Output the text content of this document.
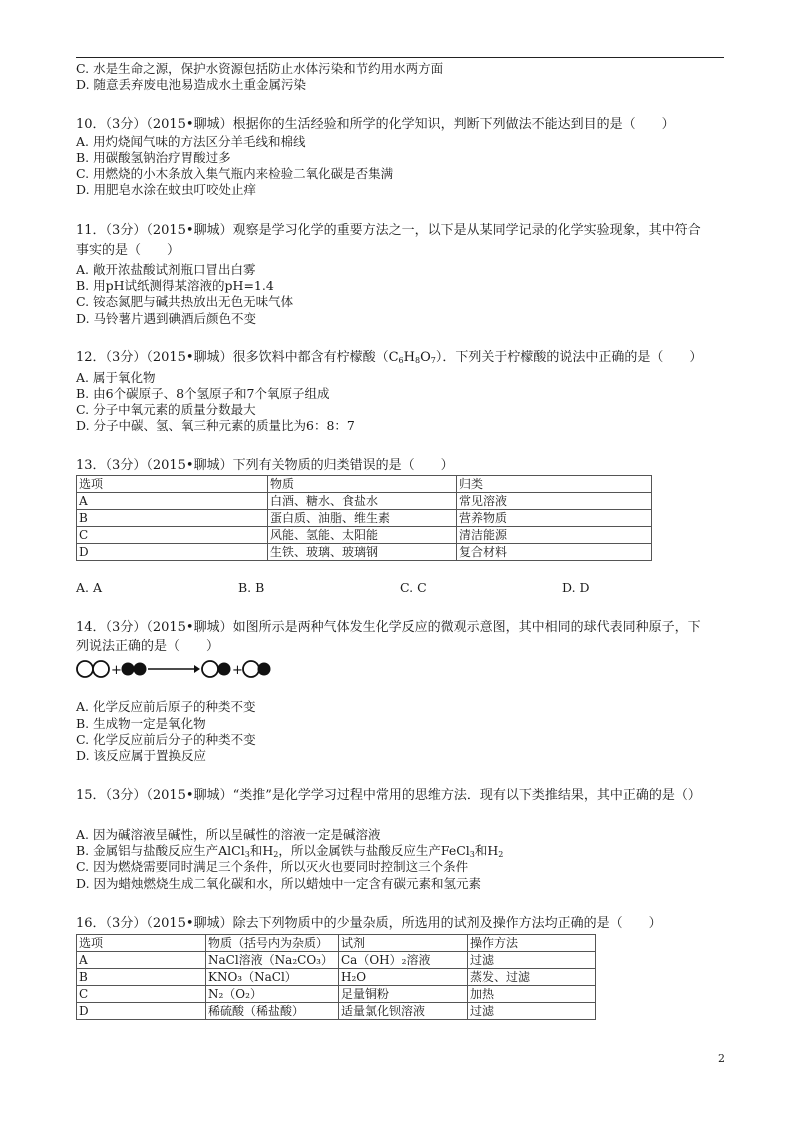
C. 水是生命之源，保护水资源包括防止水体污染和节约用水两方面
D. 随意丢弃废电池易造成水土重金属污染
10．（3分）（2015•聊城）根据你的生活经验和所学的化学知识，判断下列做法不能达到目的是（　　）
A. 用灼烧闻气味的方法区分羊毛线和棉线
B. 用碳酸氢钠治疗胃酸过多
C. 用燃烧的小木条放入集气瓶内来检验二氧化碳是否集满
D. 用肥皂水涂在蚊虫叮咬处止痒
11．（3分）（2015•聊城）观察是学习化学的重要方法之一，以下是从某同学记录的化学实验现象，其中符合
事实的是（　　）
A. 敞开浓盐酸试剂瓶口冒出白雾
B. 用pH试纸测得某溶液的pH=1.4
C. 铵态氮肥与碱共热放出无色无味气体
D. 马铃薯片遇到碘酒后颜色不变
12．（3分）（2015•聊城）很多饮料中都含有柠檬酸$(C_6H_8O_7)$．下列关于柠檬酸的说法中正确的是（　　）
A. 属于氧化物
B. 由6个碳原子、8个氢原子和7个氧原子组成
C. 分子中氧元素的质量分数最大
D. 分子中碳、氢、氧三种元素的质量比为6：8：7
13．（3分）（2015•聊城）下列有关物质的归类错误的是（　　）
选项	物质	归类
A	白酒、糖水、食盐水	常见溶液
B	蛋白质、油脂、维生素	营养物质
C	风能、氢能、太阳能	清洁能源
D	生铁、玻璃、玻璃钢	复合材料
A. A	B. B	C. C	D. D
14．（3分）（2015•聊城）如图所示是两种气体发生化学反应的微观示意图，其中相同的球代表同种原子，下
列说法正确的是（　　）
+	+
A. 化学反应前后原子的种类不变
B. 生成物一定是氧化物
C. 化学反应前后分子的种类不变
D. 该反应属于置换反应
15．（3分）（2015•聊城）“类推”是化学学习过程中常用的思维方法．现有以下类推结果，其中正确的是（）
A. 因为碱溶液呈碱性，所以呈碱性的溶液一定是碱溶液
B. 金属铝与盐酸反应生产AlCl$_3$和$H_2$，所以金属铁与盐酸反应生产FeCl$_3$和$H_2$
C. 因为燃烧需要同时满足三个条件，所以灭火也要同时控制这三个条件
D. 因为蜡烛燃烧生成二氧化碳和水，所以蜡烛中一定含有碳元素和氢元素
16．（3分）（2015•聊城）除去下列物质中的少量杂质，所选用的试剂及操作方法均正确的是（　　）
选项	物质（括号内为杂质）	试剂	操作方法
A	NaCl溶液（Na₂CO₃）	Ca（OH）₂溶液	过滤
B	KNO₃（NaCl）	H₂O	蒸发、过滤
C	N₂（O₂）	足量铜粉	加热
D	稀硫酸（稀盐酸）	适量氯化钡溶液	过滤
2
